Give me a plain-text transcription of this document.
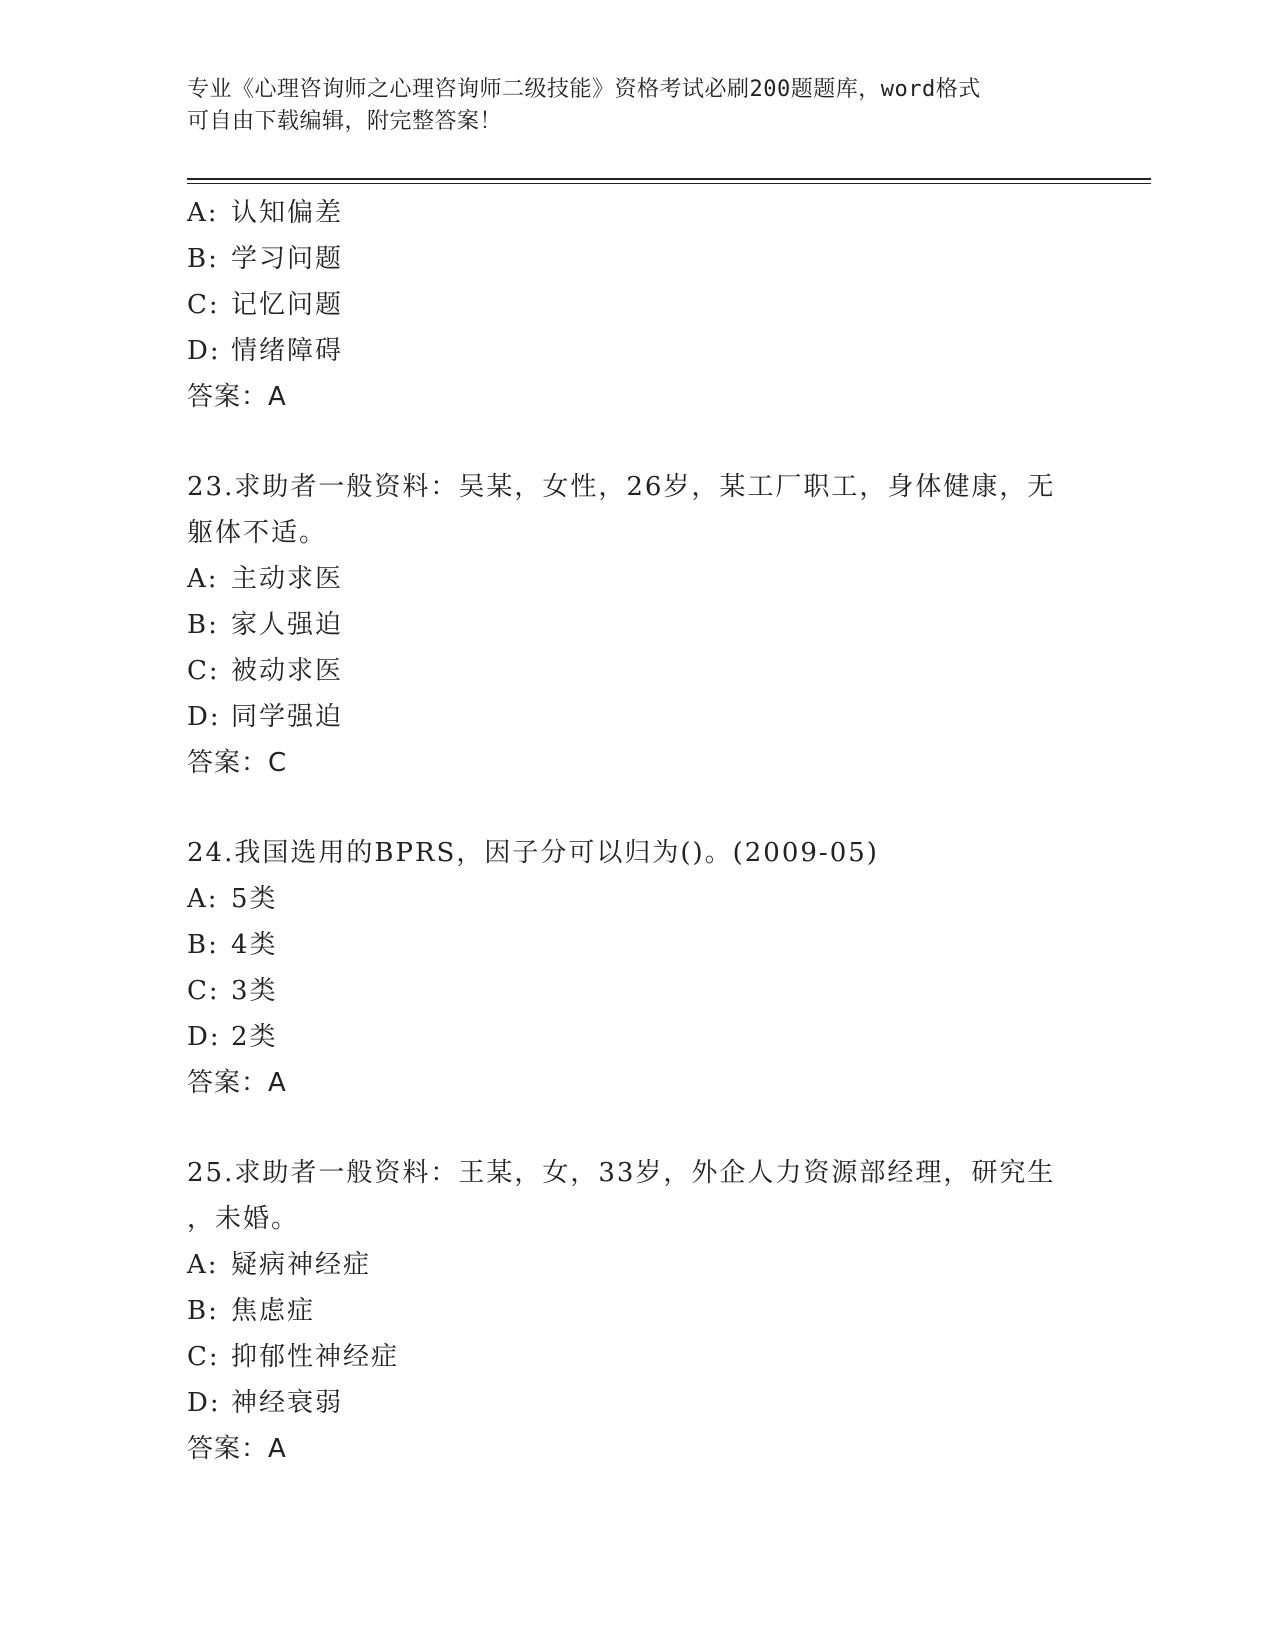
专业《心理咨询师之心理咨询师二级技能》资格考试必刷200题题库，word格式
可自由下载编辑，附完整答案！
A: 认知偏差
B: 学习问题
C: 记忆问题
D: 情绪障碍
答案：A
23.求助者一般资料：吴某，女性，26岁，某工厂职工，身体健康，无
躯体不适。
A: 主动求医
B: 家人强迫
C: 被动求医
D: 同学强迫
答案：C
24.我国选用的BPRS，因子分可以归为()。(2009-05)
A: 5类
B: 4类
C: 3类
D: 2类
答案：A
25.求助者一般资料：王某，女，33岁，外企人力资源部经理，研究生
，未婚。
A: 疑病神经症
B: 焦虑症
C: 抑郁性神经症
D: 神经衰弱
答案：A
